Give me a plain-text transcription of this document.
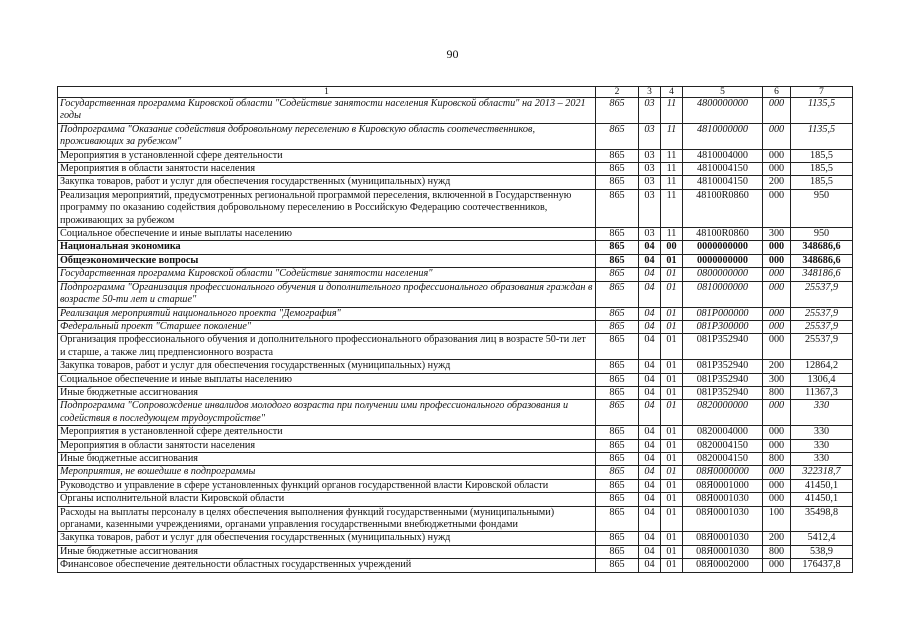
90
1	2	3	4	5	6	7
Государственная программа Кировской области "Содействие занятости населения Кировской области" на 2013 – 2021 годы	865	03	11	4800000000	000	1135,5
Подпрограмма "Оказание содействия добровольному переселению в Кировскую область соотечественников, проживающих за рубежом"	865	03	11	4810000000	000	1135,5
Мероприятия в установленной сфере деятельности	865	03	11	4810004000	000	185,5
Мероприятия в области занятости населения	865	03	11	4810004150	000	185,5
Закупка товаров, работ и услуг для обеспечения государственных (муниципальных) нужд	865	03	11	4810004150	200	185,5
Реализация мероприятий, предусмотренных региональной программой переселения, включенной в Государственную программу по оказанию содействия добровольному переселению в Российскую Федерацию соотечественников, проживающих за рубежом	865	03	11	48100R0860	000	950
Социальное обеспечение и иные выплаты населению	865	03	11	48100R0860	300	950
Национальная экономика	865	04	00	0000000000	000	348686,6
Общеэкономические вопросы	865	04	01	0000000000	000	348686,6
Государственная программа Кировской области "Содействие занятости населения"	865	04	01	0800000000	000	348186,6
Подпрограмма "Организация профессионального обучения и дополнительного профессионального образования граждан в возрасте 50-ти лет и старше"	865	04	01	0810000000	000	25537,9
Реализация мероприятий национального проекта "Демография"	865	04	01	081P000000	000	25537,9
Федеральный проект "Старшее поколение"	865	04	01	081P300000	000	25537,9
Организация профессионального обучения и дополнительного профессионального образования лиц в возрасте 50-ти лет и старше, а также лиц предпенсионного возраста	865	04	01	081P352940	000	25537,9
Закупка товаров, работ и услуг для обеспечения государственных (муниципальных) нужд	865	04	01	081P352940	200	12864,2
Социальное обеспечение и иные выплаты населению	865	04	01	081P352940	300	1306,4
Иные бюджетные ассигнования	865	04	01	081P352940	800	11367,3
Подпрограмма "Сопровождение инвалидов молодого возраста при получении ими профессионального образования и содействия в последующем трудоустройстве"	865	04	01	0820000000	000	330
Мероприятия в установленной сфере деятельности	865	04	01	0820004000	000	330
Мероприятия в области занятости населения	865	04	01	0820004150	000	330
Иные бюджетные ассигнования	865	04	01	0820004150	800	330
Мероприятия, не вошедшие в подпрограммы	865	04	01	08Я0000000	000	322318,7
Руководство и управление в сфере установленных функций органов государственной власти Кировской области	865	04	01	08Я0001000	000	41450,1
Органы исполнительной власти Кировской области	865	04	01	08Я0001030	000	41450,1
Расходы на выплаты персоналу в целях обеспечения выполнения функций государственными (муниципальными) органами, казенными учреждениями, органами управления государственными внебюджетными фондами	865	04	01	08Я0001030	100	35498,8
Закупка товаров, работ и услуг для обеспечения государственных (муниципальных) нужд	865	04	01	08Я0001030	200	5412,4
Иные бюджетные ассигнования	865	04	01	08Я0001030	800	538,9
Финансовое обеспечение деятельности областных государственных учреждений	865	04	01	08Я0002000	000	176437,8
